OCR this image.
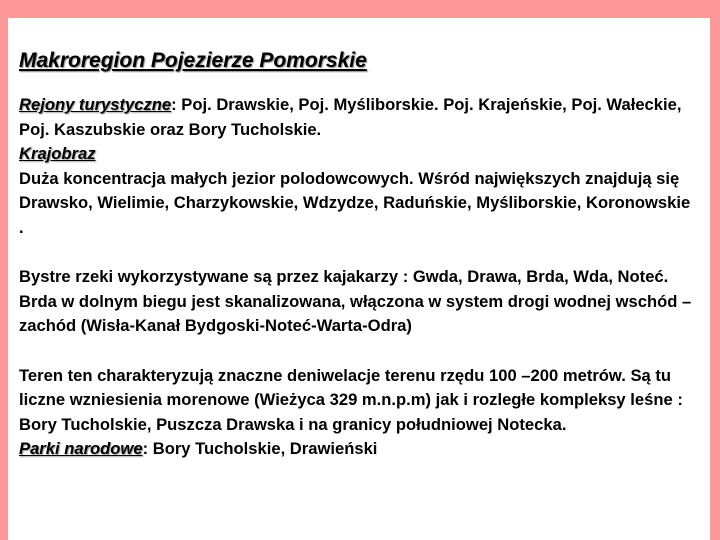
Makroregion Pojezierze Pomorskie

Rejony turystyczne: Poj. Drawskie, Poj. Myśliborskie. Poj. Krajeńskie, Poj. Wałeckie, Poj. Kaszubskie oraz Bory Tucholskie.

Krajobraz

Duża koncentracja małych jezior polodowcowych. Wśród największych znajdują się Drawsko, Wielimie, Charzykowskie, Wdzydze, Raduńskie, Myśliborskie, Koronowskie .

Bystre rzeki wykorzystywane są przez kajakarzy : Gwda, Drawa, Brda, Wda, Noteć.

Brda w dolnym biegu jest skanalizowana, włączona w system drogi wodnej wschód – zachód (Wisła-Kanał Bydgoski-Noteć-Warta-Odra)

Teren ten charakteryzują znaczne deniwelacje terenu rzędu 100 –200 metrów. Są tu liczne wzniesienia morenowe (Wieżyca 329 m.n.p.m) jak i rozległe kompleksy leśne : Bory Tucholskie, Puszcza Drawska i na granicy południowej Notecka.

Parki narodowe: Bory Tucholskie, Drawieński
